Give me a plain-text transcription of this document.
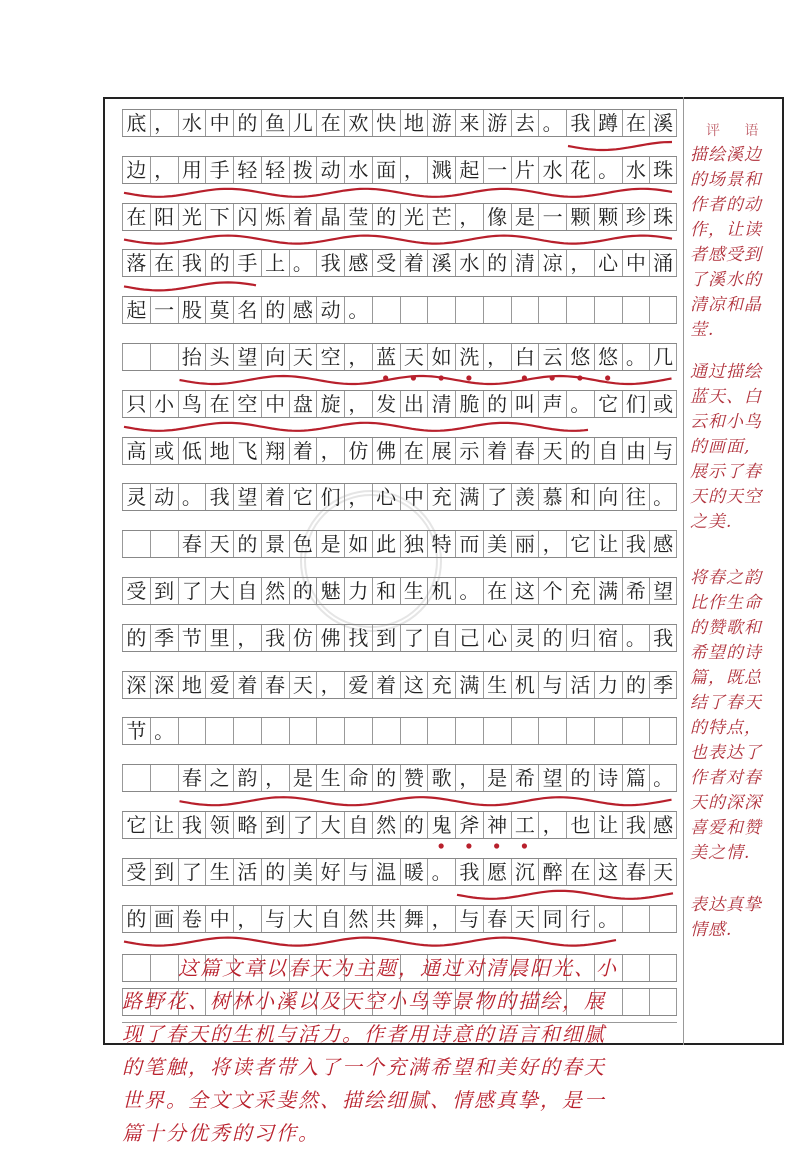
底 ， 水 中 的 鱼 儿 在 欢 快 地 游 来 游 去 。 我 蹲 在 溪
边 ， 用 手 轻 轻 拨 动 水 面 ， 溅 起 一 片 水 花 。 水 珠
在 阳 光 下 闪 烁 着 晶 莹 的 光 芒 ， 像 是 一 颗 颗 珍 珠
落 在 我 的 手 上 。 我 感 受 着 溪 水 的 清 凉 ， 心 中 涌
起 一 股 莫 名 的 感 动 。
抬 头 望 向 天 空 ， 蓝 天 如 洗 ， 白 云 悠 悠 。 几
只 小 鸟 在 空 中 盘 旋 ， 发 出 清 脆 的 叫 声 。 它 们 或
高 或 低 地 飞 翔 着 ， 仿 佛 在 展 示 着 春 天 的 自 由 与
灵 动 。 我 望 着 它 们 ， 心 中 充 满 了 羡 慕 和 向 往 。
春 天 的 景 色 是 如 此 独 特 而 美 丽 ， 它 让 我 感
受 到 了 大 自 然 的 魅 力 和 生 机 。 在 这 个 充 满 希 望
的 季 节 里 ， 我 仿 佛 找 到 了 自 己 心 灵 的 归 宿 。 我
深 深 地 爱 着 春 天 ， 爱 着 这 充 满 生 机 与 活 力 的 季
节 。
春 之 韵 ， 是 生 命 的 赞 歌 ， 是 希 望 的 诗 篇 。
它 让 我 领 略 到 了 大 自 然 的 鬼 斧 神 工 ， 也 让 我 感
受 到 了 生 活 的 美 好 与 温 暖 。 我 愿 沉 醉 在 这 春 天
的 画 卷 中 ， 与 大 自 然 共 舞 ， 与 春 天 同 行 。
评 语
描绘溪边
的场景和
作者的动
作，让读
者感受到
了溪水的
清凉和晶
莹.
通过描绘
蓝天、白
云和小鸟
的画面,
展示了春
天的天空
之美.
将春之韵
比作生命
的赞歌和
希望的诗
篇，既总
结了春天
的特点，
也表达了
作者对春
天的深深
喜爱和赞
美之情.
表达真挚
情感.
这篇文章以春天为主题，通过对清晨阳光、小
路野花、树林小溪以及天空小鸟等景物的描绘，展
现了春天的生机与活力。作者用诗意的语言和细腻
的笔触，将读者带入了一个充满希望和美好的春天
世界。全文文采斐然、描绘细腻、情感真挚，是一
篇十分优秀的习作。
